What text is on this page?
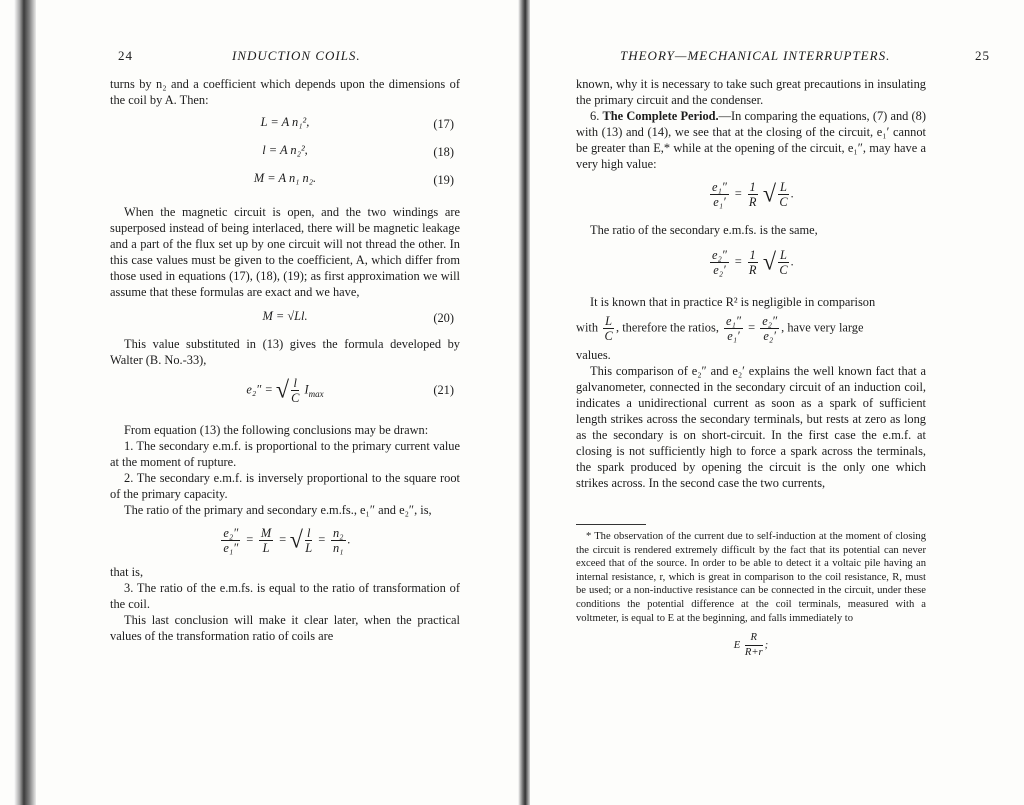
24	INDUCTION COILS.

turns by n₂ and a coefficient which depends upon the dimensions of the coil by A. Then:

L = A n₁²,	(17)
l = A n₂²,	(18)
M = A n₁ n₂.	(19)

When the magnetic circuit is open, and the two windings are superposed instead of being interlaced, there will be magnetic leakage and a part of the flux set up by one circuit will not thread the other. In this case values must be given to the coefficient, A, which differ from those used in equations (17), (18), (19); as first approximation we will assume that these formulas are exact and we have,

M = √Ll.	(20)

This value substituted in (13) gives the formula developed by Walter (B. No.-33),

e₂″ = √ $\frac{l}{C} I_{max}$	(21)

From equation (13) the following conclusions may be drawn:

1. The secondary e.m.f. is proportional to the primary current value at the moment of rupture.

2. The secondary e.m.f. is inversely proportional to the square root of the primary capacity.

The ratio of the primary and secondary e.m.fs., e₁″ and e₂″, is,

$\frac{\text{e₂″}}{\text{e₁″}} = \frac{M}{L}$ = √ $\frac{l}{L} = \frac{\text{n₂}}{\text{n₁}}$ .

that is,

3. The ratio of the e.m.fs. is equal to the ratio of transformation of the coil.

This last conclusion will make it clear later, when the practical values of the transformation ratio of coils are

THEORY—MECHANICAL INTERRUPTERS.	25

known, why it is necessary to take such great precautions in insulating the primary circuit and the condenser.

6. The Complete Period.—In comparing the equations, (7) and (8) with (13) and (14), we see that at the closing of the circuit, e₁′ cannot be greater than E,* while at the opening of the circuit, e₁″, may have a very high value:

$\frac{\text{e₁″}}{\text{e₁′}} = \frac{1}{R}$ √ $\frac{L}{C}$ .

The ratio of the secondary e.m.fs. is the same,

$\frac{\text{e₂″}}{\text{e₂′}} = \frac{1}{R}$ √ $\frac{L}{C}$ .

It is known that in practice R² is negligible in comparison

with $\frac{L}{C}$ , therefore the ratios, $\frac{\text{e₁″}}{\text{e₁′}} = \frac{\text{e₂″}}{\text{e₂′}}$ , have very large

values.

This comparison of e₂″ and e₂′ explains the well known fact that a galvanometer, connected in the secondary circuit of an induction coil, indicates a unidirectional current as soon as a spark of sufficient length strikes across the secondary terminals, but rests at zero as long as the secondary is on short-circuit. In the first case the e.m.f. at closing is not sufficiently high to force a spark across the terminals, the spark produced by opening the circuit is the only one which strikes across. In the second case the two currents,

* The observation of the current due to self-induction at the moment of closing the circuit is rendered extremely difficult by the fact that its potential can never exceed that of the source. In order to be able to detect it a voltaic pile having an internal resistance, r, which is great in comparison to the coil resistance, R, must be used; or a non-inductive resistance can be connected in the circuit, under these conditions the potential difference at the coil terminals, measured with a voltmeter, is equal to E at the beginning, and falls immediately to

E $\frac{R}{R+r}$ ;
